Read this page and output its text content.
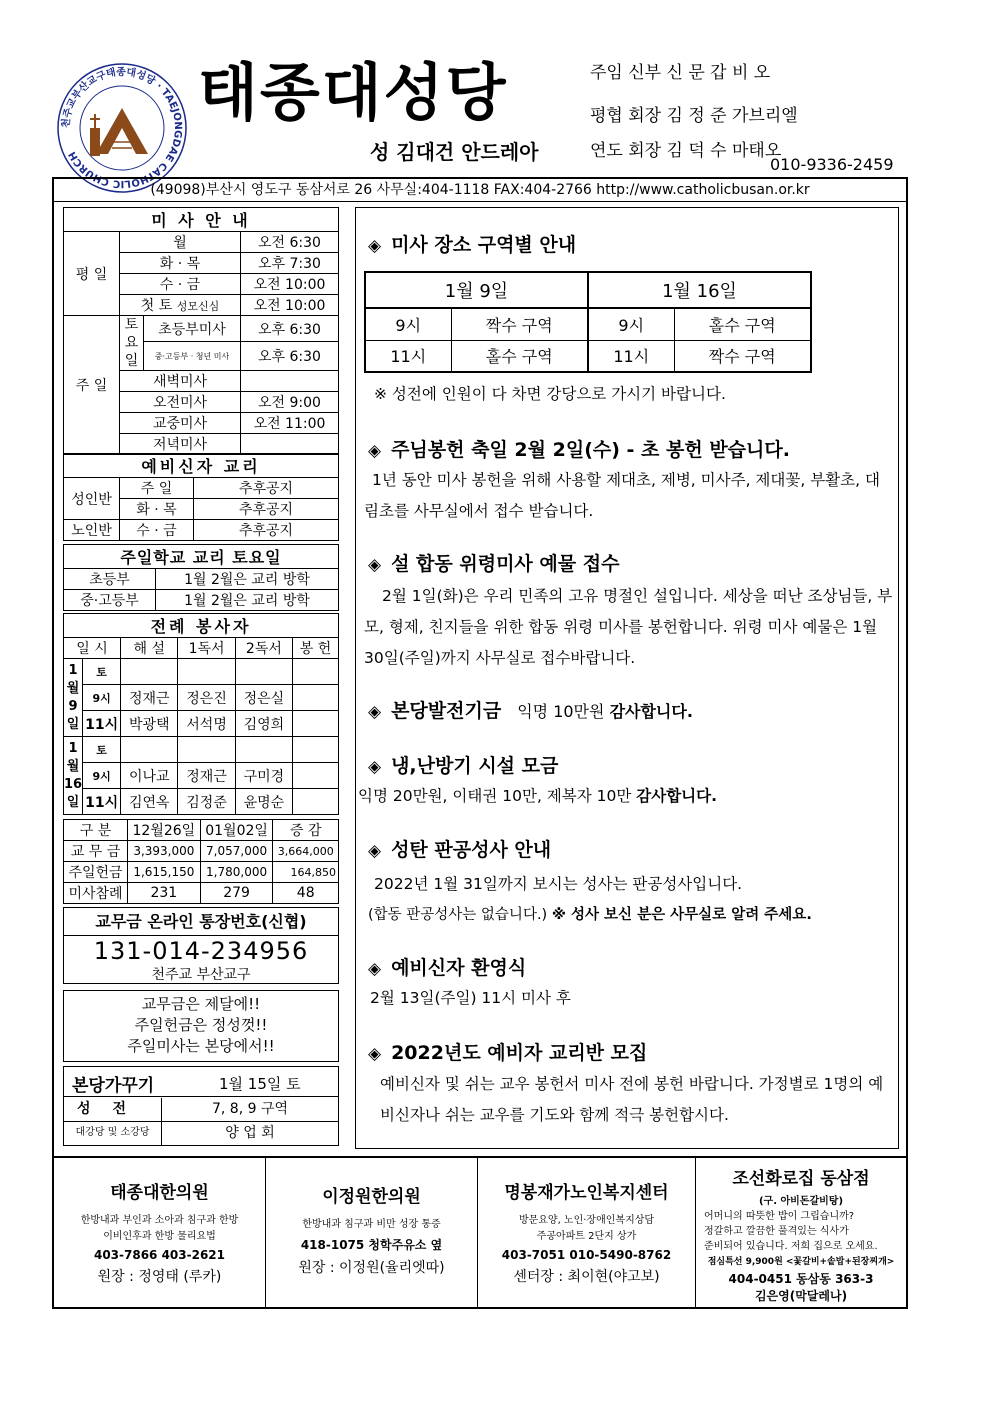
천주교부산교구태종대성당 · TAEJONGDAE CATHOLIC CHURCH
태종대성당
성 김대건 안드레아
주임 신부 신 문 갑 비 오
평협 회장 김 정 준 가브리엘
연도 회장 김 덕 수 마태오
010-9336-2459
(49098)부산시 영도구 동삼서로 26 사무실:404-1118 FAX:404-2766 http://www.catholicbusan.or.kr
미 사 안 내			
평 일	월		오전 6:30
	화 · 목		오후 7:30
	수 · 금		오전 10:00
	첫 토 성모신심		오전 10:00
주 일	토요일	초등부미사	오후 6:30
		중·고등부 · 청년 미사	오후 6:30
	새벽미사		
	오전미사		오전 9:00
	교중미사		오전 11:00
	저녁미사		
예비신자 교리		
성인반	주 일	추후공지
	화 · 목	추후공지
노인반	수 · 금	추후공지
주일학교 교리 토요일	
초등부	1월 2월은 교리 방학
중·고등부	1월 2월은 교리 방학
전례 봉사자					
일 시		해 설	1독서	2독서	봉 헌
1월9일	토				
	9시	정재근	정은진	정은실	
	11시	박광택	서석명	김영희	
1월16일	토				
	9시	이나교	정재근	구미경	
	11시	김연옥	김정준	윤명순	
구 분	12월26일	01월02일	증 감
교 무 금	3,393,000	7,057,000	3,664,000
주일헌금	1,615,150	1,780,000	164,850
미사참례	231	279	48
교무금 온라인 통장번호(신협)
131-014-234956
천주교 부산교구
교무금은 제달에!!
주일헌금은 정성껏!!
주일미사는 본당에서!!
본당가꾸기	1월 15일 토
성전	7, 8, 9 구역
대강당 및 소강당	양 업 회
◈ 미사 장소 구역별 안내
1월 9일		1월 16일	
9시	짝수 구역	9시	홀수 구역
11시	홀수 구역	11시	짝수 구역
※ 성전에 인원이 다 차면 강당으로 가시기 바랍니다.
◈ 주님봉헌 축일 2월 2일(수) - 초 봉헌 받습니다.
1년 동안 미사 봉헌을 위해 사용할 제대초, 제병, 미사주, 제대꽃, 부활초, 대림초를 사무실에서 접수 받습니다.
◈ 설 합동 위령미사 예물 접수
2월 1일(화)은 우리 민족의 고유 명절인 설입니다. 세상을 떠난 조상님들, 부모, 형제, 친지들을 위한 합동 위령 미사를 봉헌합니다. 위령 미사 예물은 1월 30일(주일)까지 사무실로 접수바랍니다.
◈ 본당발전기금 익명 10만원 감사합니다.
◈ 냉,난방기 시설 모금
익명 20만원, 이태권 10만, 제복자 10만 감사합니다.
◈ 성탄 판공성사 안내
2022년 1월 31일까지 보시는 성사는 판공성사입니다.
(합동 판공성사는 없습니다.) ※ 성사 보신 분은 사무실로 알려 주세요.
◈ 예비신자 환영식
2월 13일(주일) 11시 미사 후
◈ 2022년도 예비자 교리반 모집
예비신자 및 쉬는 교우 봉헌서 미사 전에 봉헌 바랍니다. 가정별로 1명의 예비신자나 쉬는 교우를 기도와 함께 적극 봉헌합시다.
태종대한의원
한방내과 부인과 소아과 침구과 한방
이비인후과 한방 물리요법
403-7866 403-2621
원장 : 정영태 (루카)
이정원한의원
한방내과 침구과 비만 성장 통증
418-1075 청학주유소 옆
원장 : 이정원(율리엣따)
명봉재가노인복지센터
방문요양, 노인·장애인복지상담
주공아파트 2단지 상가
403-7051 010-5490-8762
센터장 : 최이현(야고보)
조선화로집 동삼점
(구. 아비돈갈비탕)
어머니의 따뜻한 밥이 그립습니까?
정갈하고 깔끔한 풀격있는 식사가
준비되어 있습니다. 저희 집으로 오세요.
점심특선 9,900원 <꽃갈비+솥밥+된장찌개>
404-0451 동삼동 363-3
김은영(막달레나)
